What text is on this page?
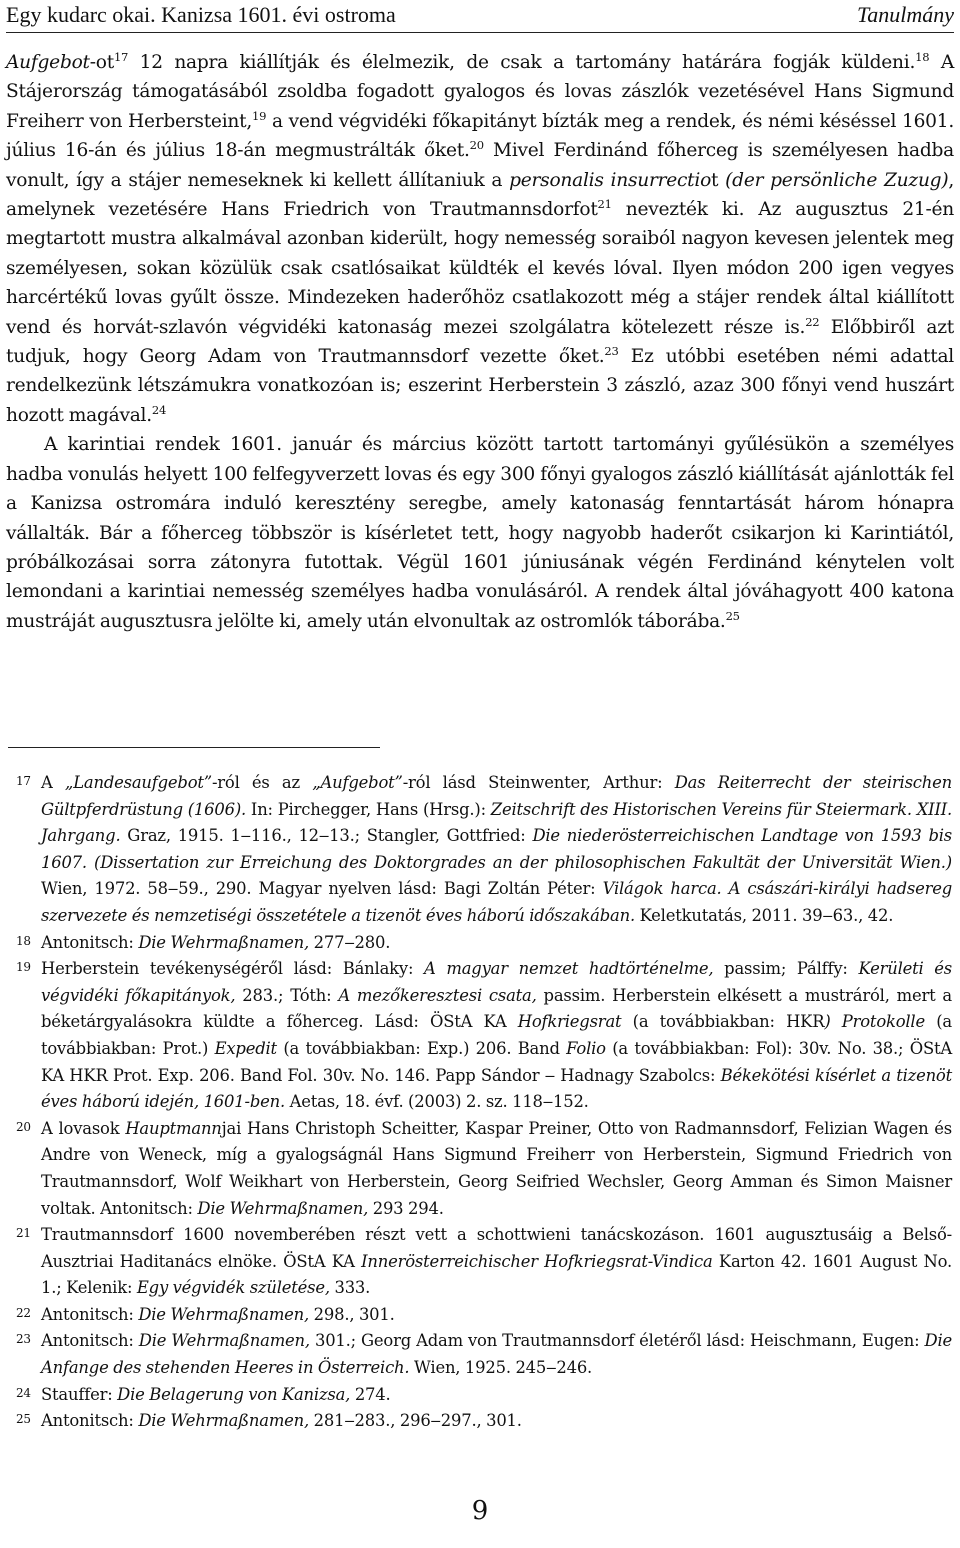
Egy kudarc okai. Kanizsa 1601. évi ostroma	Tanulmány

Aufgebot-$ot^{17}$ 12 napra kiállítják és élelmezik, de csak a tartomány határára fogják küldeni.$^{18}$ A Stájerország támogatásából zsoldba fogadott gyalogos és lovas zászlók vezetésével Hans Sigmund Freiherr von Herbersteint,$^{19}$ a vend végvidéki főkapitányt bízták meg a rendek, és némi késéssel 1601. július 16-án és július 18-án megmustrálták őket.$^{20}$ Mivel Ferdinánd főherceg is személyesen hadba vonult, így a stájer nemeseknek ki kellett állítaniuk a personalis insurrectiot (der persönliche Zuzug), amelynek vezetésére Hans Friedrich von Trautmannsdorfot$^{21}$ nevezték ki. Az augusztus 21-én megtartott mustra alkalmával azonban kiderült, hogy nemesség soraiból nagyon kevesen jelentek meg személyesen, sokan közülük csak csatlósaikat küldték el kevés lóval. Ilyen módon 200 igen vegyes harcértékű lovas gyűlt össze. Mindezeken haderőhöz csatlakozott még a stájer rendek által kiállított vend és horvát-szlavón végvidéki katonaság mezei szolgálatra kötelezett része is.$^{22}$ Előbbiről azt tudjuk, hogy Georg Adam von Trautmannsdorf vezette őket.$^{23}$ Ez utóbbi esetében némi adattal rendelkezünk létszámukra vonatkozóan is; eszerint Herberstein 3 zászló, azaz 300 főnyi vend huszárt hozott magával.$^{24}$

A karintiai rendek 1601. január és március között tartott tartományi gyűlésükön a személyes hadba vonulás helyett 100 felfegyverzett lovas és egy 300 főnyi gyalogos zászló kiállítását ajánlották fel a Kanizsa ostromára induló keresztény seregbe, amely katonaság fenntartását három hónapra vállalták. Bár a főherceg többször is kísérletet tett, hogy nagyobb haderőt csikarjon ki Karintiától, próbálkozásai sorra zátonyra futottak. Végül 1601 júniusának végén Ferdinánd kénytelen volt lemondani a karintiai nemesség személyes hadba vonulásáról. A rendek által jóváhagyott 400 katona mustráját augusztusra jelölte ki, amely után elvonultak az ostromlók táborába.$^{25}$

17 A „Landesaufgebot”-ról és az „Aufgebot”-ról lásd Steinwenter, Arthur: Das Reiterrecht der steirischen Gültpferdrüstung (1606). In: Pirchegger, Hans (Hrsg.): Zeitschrift des Historischen Vereins für Steiermark. XIII. Jahrgang. Graz, 1915. 1‒116., 12‒13.; Stangler, Gottfried: Die niederösterreichischen Landtage von 1593 bis 1607. (Dissertation zur Erreichung des Doktorgrades an der philosophischen Fakultät der Universität Wien.) Wien, 1972. 58‒59., 290. Magyar nyelven lásd: Bagi Zoltán Péter: Világok harca. A császári-királyi hadsereg szervezete és nemzetiségi összetétele a tizenöt éves háború időszakában. Keletkutatás, 2011. 39‒63., 42.

18 Antonitsch: Die Wehrmaßnamen, 277‒280.

19 Herberstein tevékenységéről lásd: Bánlaky: A magyar nemzet hadtörténelme, passim; Pálffy: Kerületi és végvidéki főkapitányok, 283.; Tóth: A mezőkeresztesi csata, passim. Herberstein elkésett a mustráról, mert a béketárgyalásokra küldte a főherceg. Lásd: ÖStA KA Hofkriegsrat (a továbbiakban: HKR) Protokolle (a továbbiakban: Prot.) Expedit (a továbbiakban: Exp.) 206. Band Folio (a továbbiakban: Fol): 30v. No. 38.; ÖStA KA HKR Prot. Exp. 206. Band Fol. 30v. No. 146. Papp Sándor ‒ Hadnagy Szabolcs: Békekötési kísérlet a tizenöt éves háború idején, 1601-ben. Aetas, 18. évf. (2003) 2. sz. 118‒152.

20 A lovasok Hauptmannjai Hans Christoph Scheitter, Kaspar Preiner, Otto von Radmannsdorf, Felizian Wagen és Andre von Weneck, míg a gyalogságnál Hans Sigmund Freiherr von Herberstein, Sigmund Friedrich von Trautmannsdorf, Wolf Weikhart von Herberstein, Georg Seifried Wechsler, Georg Amman és Simon Maisner voltak. Antonitsch: Die Wehrmaßnamen, 293 294.

21 Trautmannsdorf 1600 novemberében részt vett a schottwieni tanácskozáson. 1601 augusztusáig a Belső-Ausztriai Haditanács elnöke. ÖStA KA Innerösterreichischer Hofkriegsrat-Vindica Karton 42. 1601 August No. 1.; Kelenik: Egy végvidék születése, 333.

22 Antonitsch: Die Wehrmaßnamen, 298., 301.

23 Antonitsch: Die Wehrmaßnamen, 301.; Georg Adam von Trautmannsdorf életéről lásd: Heischmann, Eugen: Die Anfange des stehenden Heeres in Österreich. Wien, 1925. 245‒246.

24 Stauffer: Die Belagerung von Kanizsa, 274.

25 Antonitsch: Die Wehrmaßnamen, 281‒283., 296‒297., 301.

9
